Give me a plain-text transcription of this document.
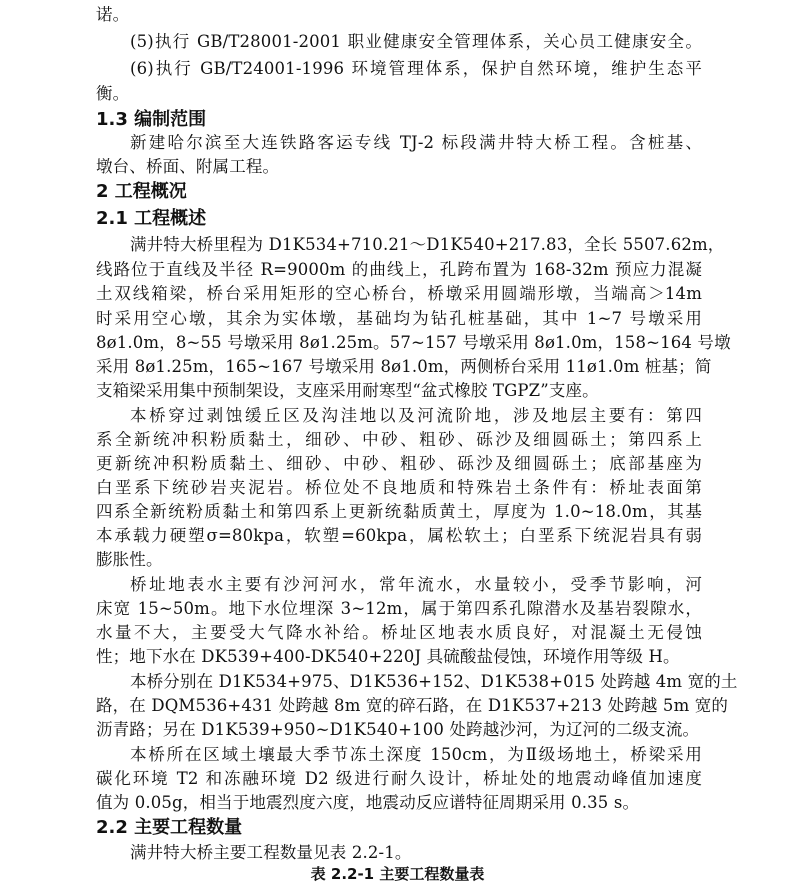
诺。
(5)执行 GB/T28001-2001 职业健康安全管理体系，关心员工健康安全。
(6)执行 GB/T24001-1996 环境管理体系，保护自然环境，维护生态平
衡。
1.3 编制范围
新建哈尔滨至大连铁路客运专线 TJ-2 标段满井特大桥工程。含桩基、
墩台、桥面、附属工程。
2 工程概况
2.1 工程概述
满井特大桥里程为 D1K534+710.21～D1K540+217.83，全长 5507.62m，
线路位于直线及半径 R=9000m 的曲线上，孔跨布置为 168-32m 预应力混凝
土双线箱梁，桥台采用矩形的空心桥台，桥墩采用圆端形墩，当端高＞14m
时采用空心墩，其余为实体墩，基础均为钻孔桩基础，其中 1~7 号墩采用
8ø1.0m，8~55 号墩采用 8ø1.25m。57~157 号墩采用 8ø1.0m，158~164 号墩
采用 8ø1.25m，165~167 号墩采用 8ø1.0m，两侧桥台采用 11ø1.0m 桩基；简
支箱梁采用集中预制架设，支座采用耐寒型“盆式橡胶 TGPZ”支座。
本桥穿过剥蚀缓丘区及沟洼地以及河流阶地，涉及地层主要有：第四
系全新统冲积粉质黏土，细砂、中砂、粗砂、砾沙及细圆砾土；第四系上
更新统冲积粉质黏土、细砂、中砂、粗砂、砾沙及细圆砾土；底部基座为
白垩系下统砂岩夹泥岩。桥位处不良地质和特殊岩土条件有：桥址表面第
四系全新统粉质黏土和第四系上更新统黏质黄土，厚度为 1.0~18.0m，其基
本承载力硬塑σ=80kpa，软塑=60kpa，属松软土；白垩系下统泥岩具有弱
膨胀性。
桥址地表水主要有沙河河水，常年流水，水量较小，受季节影响，河
床宽 15~50m。地下水位埋深 3~12m，属于第四系孔隙潜水及基岩裂隙水，
水量不大，主要受大气降水补给。桥址区地表水质良好，对混凝土无侵蚀
性；地下水在 DK539+400-DK540+220J 具硫酸盐侵蚀，环境作用等级 H。
本桥分别在 D1K534+975、D1K536+152、D1K538+015 处跨越 4m 宽的土
路，在 DQM536+431 处跨越 8m 宽的碎石路，在 D1K537+213 处跨越 5m 宽的
沥青路；另在 D1K539+950~D1K540+100 处跨越沙河，为辽河的二级支流。
本桥所在区域土壤最大季节冻土深度 150cm，为Ⅱ级场地土，桥梁采用
碳化环境 T2 和冻融环境 D2 级进行耐久设计，桥址处的地震动峰值加速度
值为 0.05g，相当于地震烈度六度，地震动反应谱特征周期采用 0.35 s。
2.2 主要工程数量
满井特大桥主要工程数量见表 2.2-1。
表 2.2-1 主要工程数量表
